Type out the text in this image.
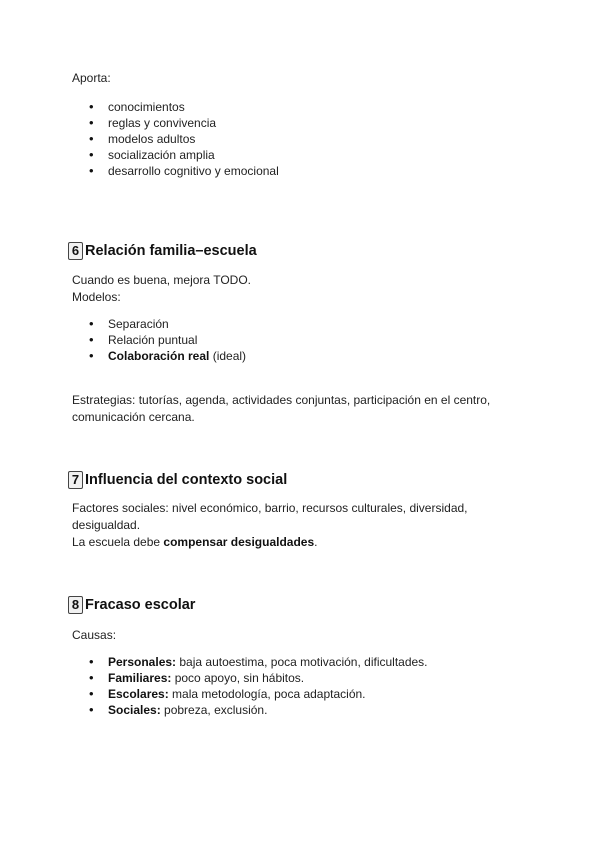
Aporta:

• conocimientos
• reglas y convivencia
• modelos adultos
• socialización amplia
• desarrollo cognitivo y emocional
6 Relación familia–escuela

Cuando es buena, mejora TODO.
Modelos:

• Separación
• Relación puntual
• Colaboración real (ideal)

Estrategias: tutorías, agenda, actividades conjuntas, participación en el centro, comunicación cercana.

7 Influencia del contexto social

Factores sociales: nivel económico, barrio, recursos culturales, diversidad, desigualdad.

La escuela debe compensar desigualdades.

8 Fracaso escolar

Causas:

• Personales: baja autoestima, poca motivación, dificultades.
• Familiares: poco apoyo, sin hábitos.
• Escolares: mala metodología, poca adaptación.
• Sociales: pobreza, exclusión.
